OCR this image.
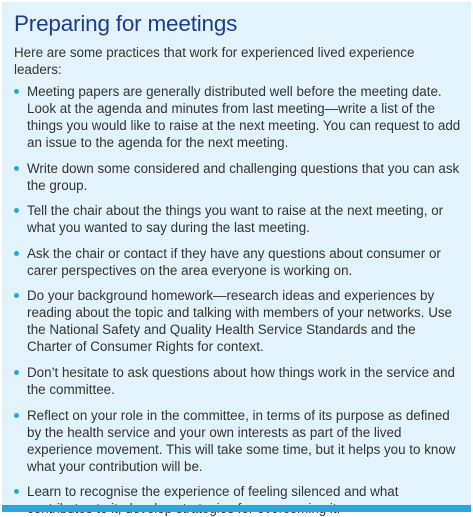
Preparing for meetings

Here are some practices that work for experienced lived experience leaders:

Meeting papers are generally distributed well before the meeting date. Look at the agenda and minutes from last meeting—write a list of the things you would like to raise at the next meeting. You can request to add an issue to the agenda for the next meeting.
Write down some considered and challenging questions that you can ask the group.
Tell the chair about the things you want to raise at the next meeting, or what you wanted to say during the last meeting.
Ask the chair or contact if they have any questions about consumer or carer perspectives on the area everyone is working on.
Do your background homework—research ideas and experiences by reading about the topic and talking with members of your networks. Use the National Safety and Quality Health Service Standards and the Charter of Consumer Rights for context.
Don’t hesitate to ask questions about how things work in the service and the committee.
Reflect on your role in the committee, in terms of its purpose as defined by the health service and your own interests as part of the lived experience movement. This will take some time, but it helps you to know what your contribution will be.
Learn to recognise the experience of feeling silenced and what
